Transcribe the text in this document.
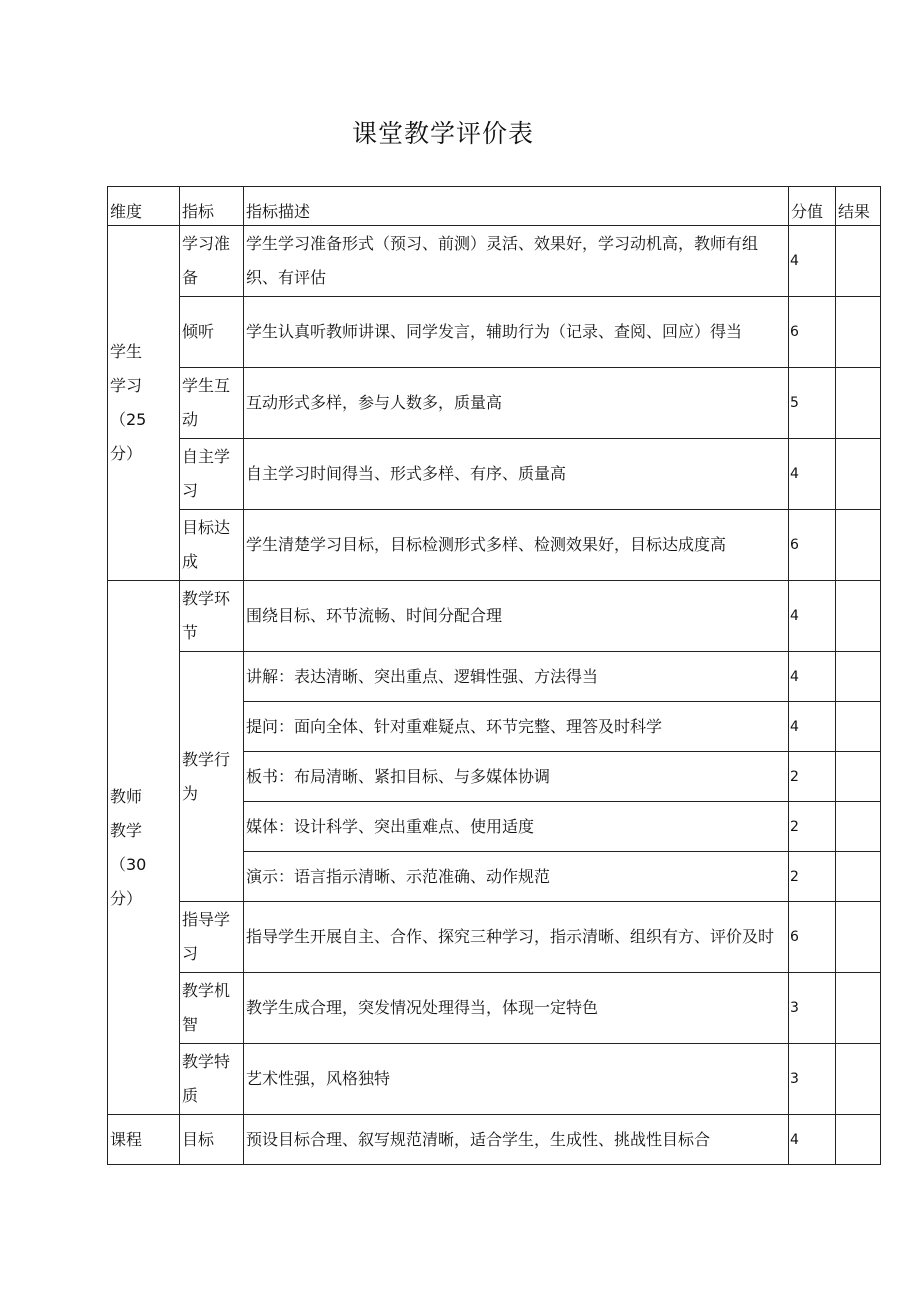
课堂教学评价表
维度	指标	指标描述	分值	结果
学生
学习
（25
分）	学习准备	学生学习准备形式（预习、前测）灵活、效果好，学习动机高，教师有组织、有评估	4	
	倾听	学生认真听教师讲课、同学发言，辅助行为（记录、查阅、回应）得当	6	
	学生互动	互动形式多样，参与人数多，质量高	5	
	自主学习	自主学习时间得当、形式多样、有序、质量高	4	
	目标达成	学生清楚学习目标，目标检测形式多样、检测效果好，目标达成度高	6	
教师
教学
（30
分）	教学环节	围绕目标、环节流畅、时间分配合理	4	
	教学行为	讲解：表达清晰、突出重点、逻辑性强、方法得当	4	
		提问：面向全体、针对重难疑点、环节完整、理答及时科学	4	
		板书：布局清晰、紧扣目标、与多媒体协调	2	
		媒体：设计科学、突出重难点、使用适度	2	
		演示：语言指示清晰、示范准确、动作规范	2	
	指导学习	指导学生开展自主、合作、探究三种学习，指示清晰、组织有方、评价及时	6	
	教学机智	教学生成合理，突发情况处理得当，体现一定特色	3	
	教学特质	艺术性强，风格独特	3	
课程	目标	预设目标合理、叙写规范清晰，适合学生，生成性、挑战性目标合	4	
